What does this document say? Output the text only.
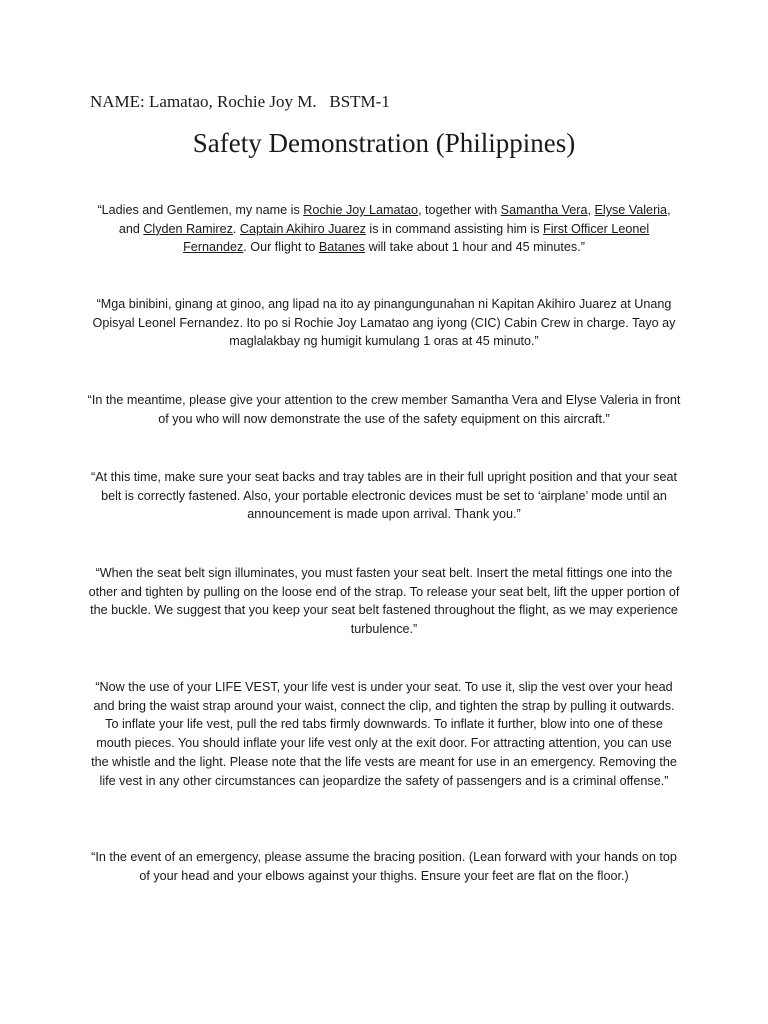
NAME: Lamatao, Rochie Joy M.   BSTM-1
Safety Demonstration (Philippines)
“Ladies and Gentlemen, my name is Rochie Joy Lamatao, together with Samantha Vera, Elyse Valeria, and Clyden Ramirez. Captain Akihiro Juarez is in command assisting him is First Officer Leonel Fernandez. Our flight to Batanes will take about 1 hour and 45 minutes.”
“Mga binibini, ginang at ginoo, ang lipad na ito ay pinangungunahan ni Kapitan Akihiro Juarez at Unang Opisyal Leonel Fernandez. Ito po si Rochie Joy Lamatao ang iyong (CIC) Cabin Crew in charge. Tayo ay maglalakbay ng humigit kumulang 1 oras at 45 minuto.”
“In the meantime, please give your attention to the crew member Samantha Vera and Elyse Valeria in front of you who will now demonstrate the use of the safety equipment on this aircraft.”
“At this time, make sure your seat backs and tray tables are in their full upright position and that your seat belt is correctly fastened. Also, your portable electronic devices must be set to ‘airplane’ mode until an announcement is made upon arrival. Thank you.”
“When the seat belt sign illuminates, you must fasten your seat belt. Insert the metal fittings one into the other and tighten by pulling on the loose end of the strap. To release your seat belt, lift the upper portion of the buckle. We suggest that you keep your seat belt fastened throughout the flight, as we may experience turbulence.”
“Now the use of your LIFE VEST, your life vest is under your seat. To use it, slip the vest over your head and bring the waist strap around your waist, connect the clip, and tighten the strap by pulling it outwards. To inflate your life vest, pull the red tabs firmly downwards. To inflate it further, blow into one of these mouth pieces. You should inflate your life vest only at the exit door. For attracting attention, you can use the whistle and the light. Please note that the life vests are meant for use in an emergency. Removing the life vest in any other circumstances can jeopardize the safety of passengers and is a criminal offense.”
“In the event of an emergency, please assume the bracing position. (Lean forward with your hands on top of your head and your elbows against your thighs. Ensure your feet are flat on the floor.)
